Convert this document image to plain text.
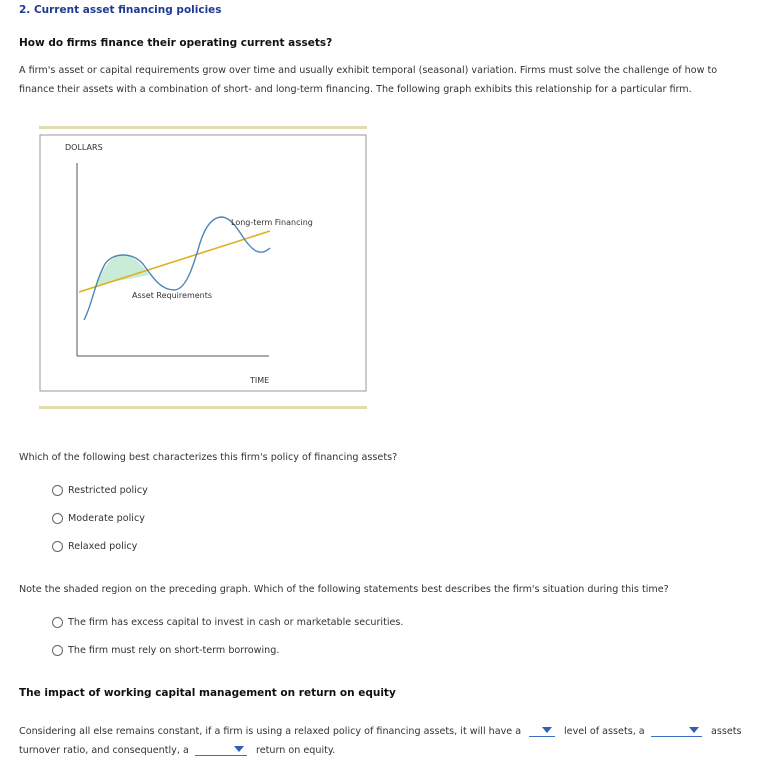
2. Current asset financing policies
How do firms finance their operating current assets?
A firm's asset or capital requirements grow over time and usually exhibit temporal (seasonal) variation. Firms must solve the challenge of how to finance their assets with a combination of short- and long-term financing. The following graph exhibits this relationship for a particular firm.
DOLLARS
TIME
Long-term Financing
Asset Requirements
Which of the following best characterizes this firm's policy of financing assets?
Restricted policy
Moderate policy
Relaxed policy
Note the shaded region on the preceding graph. Which of the following statements best describes the firm's situation during this time?
The firm has excess capital to invest in cash or marketable securities.
The firm must rely on short-term borrowing.
The impact of working capital management on return on equity
Considering all else remains constant, if a firm is using a relaxed policy of financing assets, it will have a	level of assets, a	assets
turnover ratio, and consequently, a	return on equity.
